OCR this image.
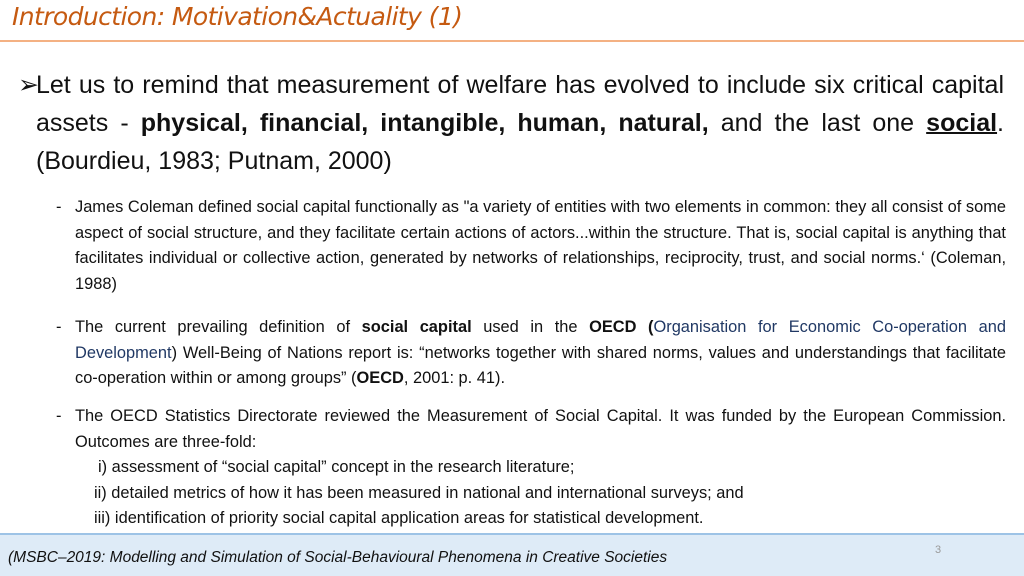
Introduction: Motivation&Actuality (1)
➢Let us to remind that measurement of welfare has evolved to include six critical capital assets - physical, financial, intangible, human, natural, and the last one social. (Bourdieu, 1983; Putnam, 2000)
- James Coleman defined social capital functionally as "a variety of entities with two elements in common: they all consist of some aspect of social structure, and they facilitate certain actions of actors...within the structure. That is, social capital is anything that facilitates individual or collective action, generated by networks of relationships, reciprocity, trust, and social norms.‘ (Coleman, 1988)
- The current prevailing definition of social capital used in the OECD (Organisation for Economic Co-operation and Development) Well-Being of Nations report is: “networks together with shared norms, values and understandings that facilitate co-operation within or among groups” (OECD, 2001: p. 41).
- The OECD Statistics Directorate reviewed the Measurement of Social Capital. It was funded by the European Commission. Outcomes are three-fold:
i) assessment of “social capital” concept in the research literature;
ii) detailed metrics of how it has been measured in national and international surveys; and
iii) identification of priority social capital application areas for statistical development.
(MSBC–2019: Modelling and Simulation of Social-Behavioural Phenomena in Creative Societies	3
